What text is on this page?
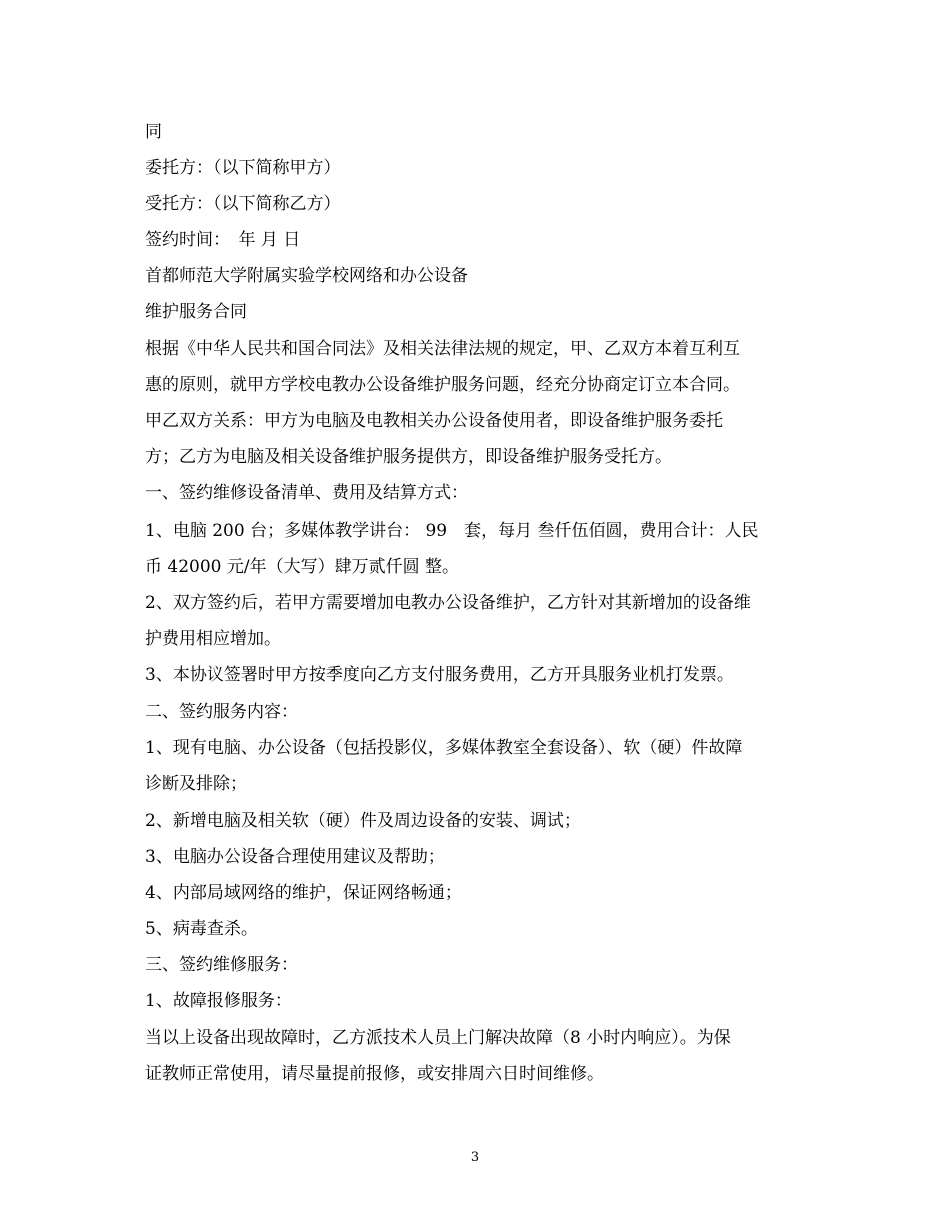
同
委托方：（以下简称甲方）
受托方：（以下简称乙方）
签约时间：　年 月 日
首都师范大学附属实验学校网络和办公设备
维护服务合同
根据《中华人民共和国合同法》及相关法律法规的规定，甲、乙双方本着互利互
惠的原则，就甲方学校电教办公设备维护服务问题，经充分协商定订立本合同。
甲乙双方关系：甲方为电脑及电教相关办公设备使用者，即设备维护服务委托
方；乙方为电脑及相关设备维护服务提供方，即设备维护服务受托方。
一、签约维修设备清单、费用及结算方式：
1、电脑 200 台；多媒体教学讲台： 99　套，每月 叁仟伍佰圆，费用合计：人民
币 42000 元/年（大写）肆万贰仟圆 整。
2、双方签约后，若甲方需要增加电教办公设备维护，乙方针对其新增加的设备维
护费用相应增加。
3、本协议签署时甲方按季度向乙方支付服务费用，乙方开具服务业机打发票。
二、签约服务内容：
1、现有电脑、办公设备（包括投影仪，多媒体教室全套设备）、软（硬）件故障
诊断及排除；
2、新增电脑及相关软（硬）件及周边设备的安装、调试；
3、电脑办公设备合理使用建议及帮助；
4、内部局域网络的维护，保证网络畅通；
5、病毒查杀。
三、签约维修服务：
1、故障报修服务：
当以上设备出现故障时，乙方派技术人员上门解决故障（8 小时内响应）。为保
证教师正常使用，请尽量提前报修，或安排周六日时间维修。
3
